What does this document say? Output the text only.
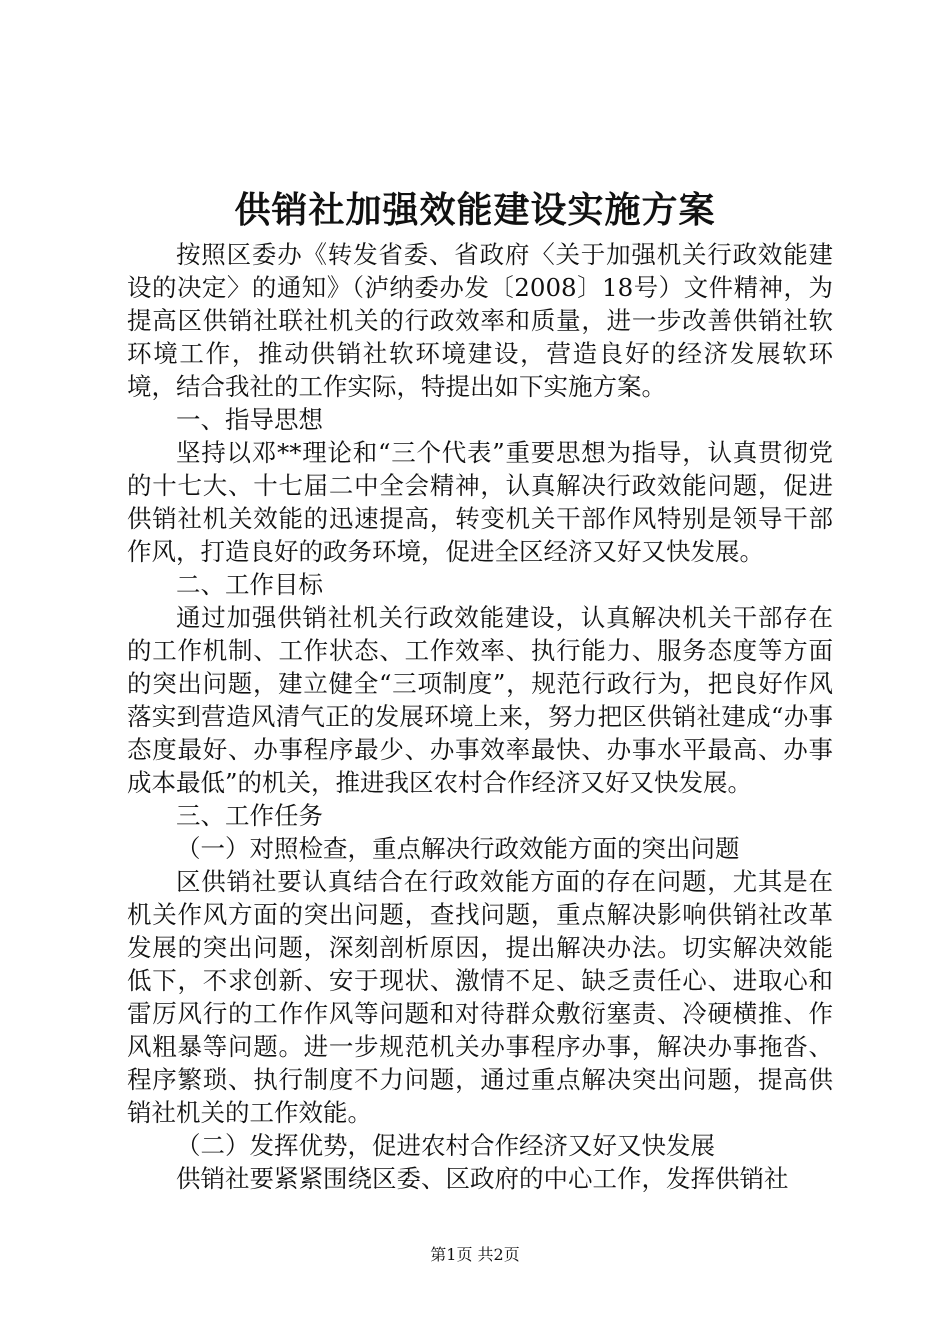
供销社加强效能建设实施方案

按照区委办《转发省委、省政府〈关于加强机关行政效能建设的决定〉的通知》（泸纳委办发〔2008〕18号）文件精神，为提高区供销社联社机关的行政效率和质量，进一步改善供销社软环境工作，推动供销社软环境建设，营造良好的经济发展软环境，结合我社的工作实际，特提出如下实施方案。

一、指导思想

坚持以邓**理论和“三个代表”重要思想为指导，认真贯彻党的十七大、十七届二中全会精神，认真解决行政效能问题，促进供销社机关效能的迅速提高，转变机关干部作风特别是领导干部作风，打造良好的政务环境，促进全区经济又好又快发展。

二、工作目标

通过加强供销社机关行政效能建设，认真解决机关干部存在的工作机制、工作状态、工作效率、执行能力、服务态度等方面的突出问题，建立健全“三项制度”，规范行政行为，把良好作风落实到营造风清气正的发展环境上来，努力把区供销社建成“办事态度最好、办事程序最少、办事效率最快、办事水平最高、办事成本最低”的机关，推进我区农村合作经济又好又快发展。

三、工作任务

（一）对照检查，重点解决行政效能方面的突出问题

区供销社要认真结合在行政效能方面的存在问题，尤其是在机关作风方面的突出问题，查找问题，重点解决影响供销社改革发展的突出问题，深刻剖析原因，提出解决办法。切实解决效能低下，不求创新、安于现状、激情不足、缺乏责任心、进取心和雷厉风行的工作作风等问题和对待群众敷衍塞责、冷硬横推、作风粗暴等问题。进一步规范机关办事程序办事，解决办事拖沓、程序繁琐、执行制度不力问题，通过重点解决突出问题，提高供销社机关的工作效能。

（二）发挥优势，促进农村合作经济又好又快发展

供销社要紧紧围绕区委、区政府的中心工作，发挥供销社

第1页 共2页
